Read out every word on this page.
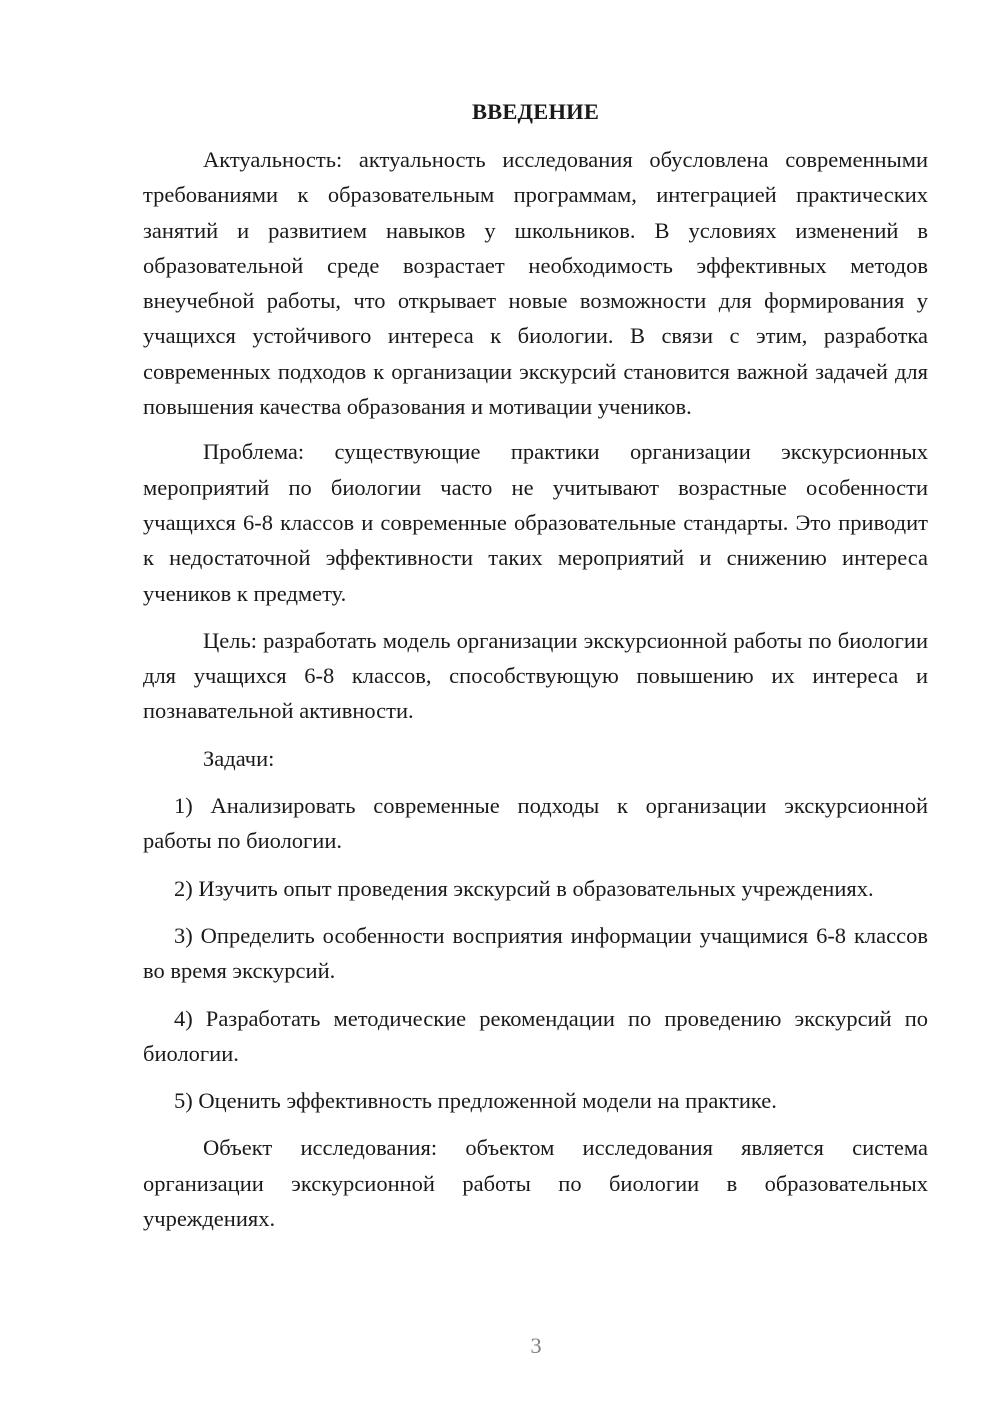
ВВЕДЕНИЕ

Актуальность: актуальность исследования обусловлена современными требованиями к образовательным программам, интеграцией практических занятий и развитием навыков у школьников. В условиях изменений в образовательной среде возрастает необходимость эффективных методов внеучебной работы, что открывает новые возможности для формирования у учащихся устойчивого интереса к биологии. В связи с этим, разработка современных подходов к организации экскурсий становится важной задачей для повышения качества образования и мотивации учеников.

Проблема: существующие практики организации экскурсионных мероприятий по биологии часто не учитывают возрастные особенности учащихся 6-8 классов и современные образовательные стандарты. Это приводит к недостаточной эффективности таких мероприятий и снижению интереса учеников к предмету.

Цель: разработать модель организации экскурсионной работы по биологии для учащихся 6-8 классов, способствующую повышению их интереса и познавательной активности.

Задачи:

1) Анализировать современные подходы к организации экскурсионной работы по биологии.

2) Изучить опыт проведения экскурсий в образовательных учреждениях.

3) Определить особенности восприятия информации учащимися 6-8 классов во время экскурсий.

4) Разработать методические рекомендации по проведению экскурсий по биологии.

5) Оценить эффективность предложенной модели на практике.

Объект исследования: объектом исследования является система организации экскурсионной работы по биологии в образовательных учреждениях.

3
